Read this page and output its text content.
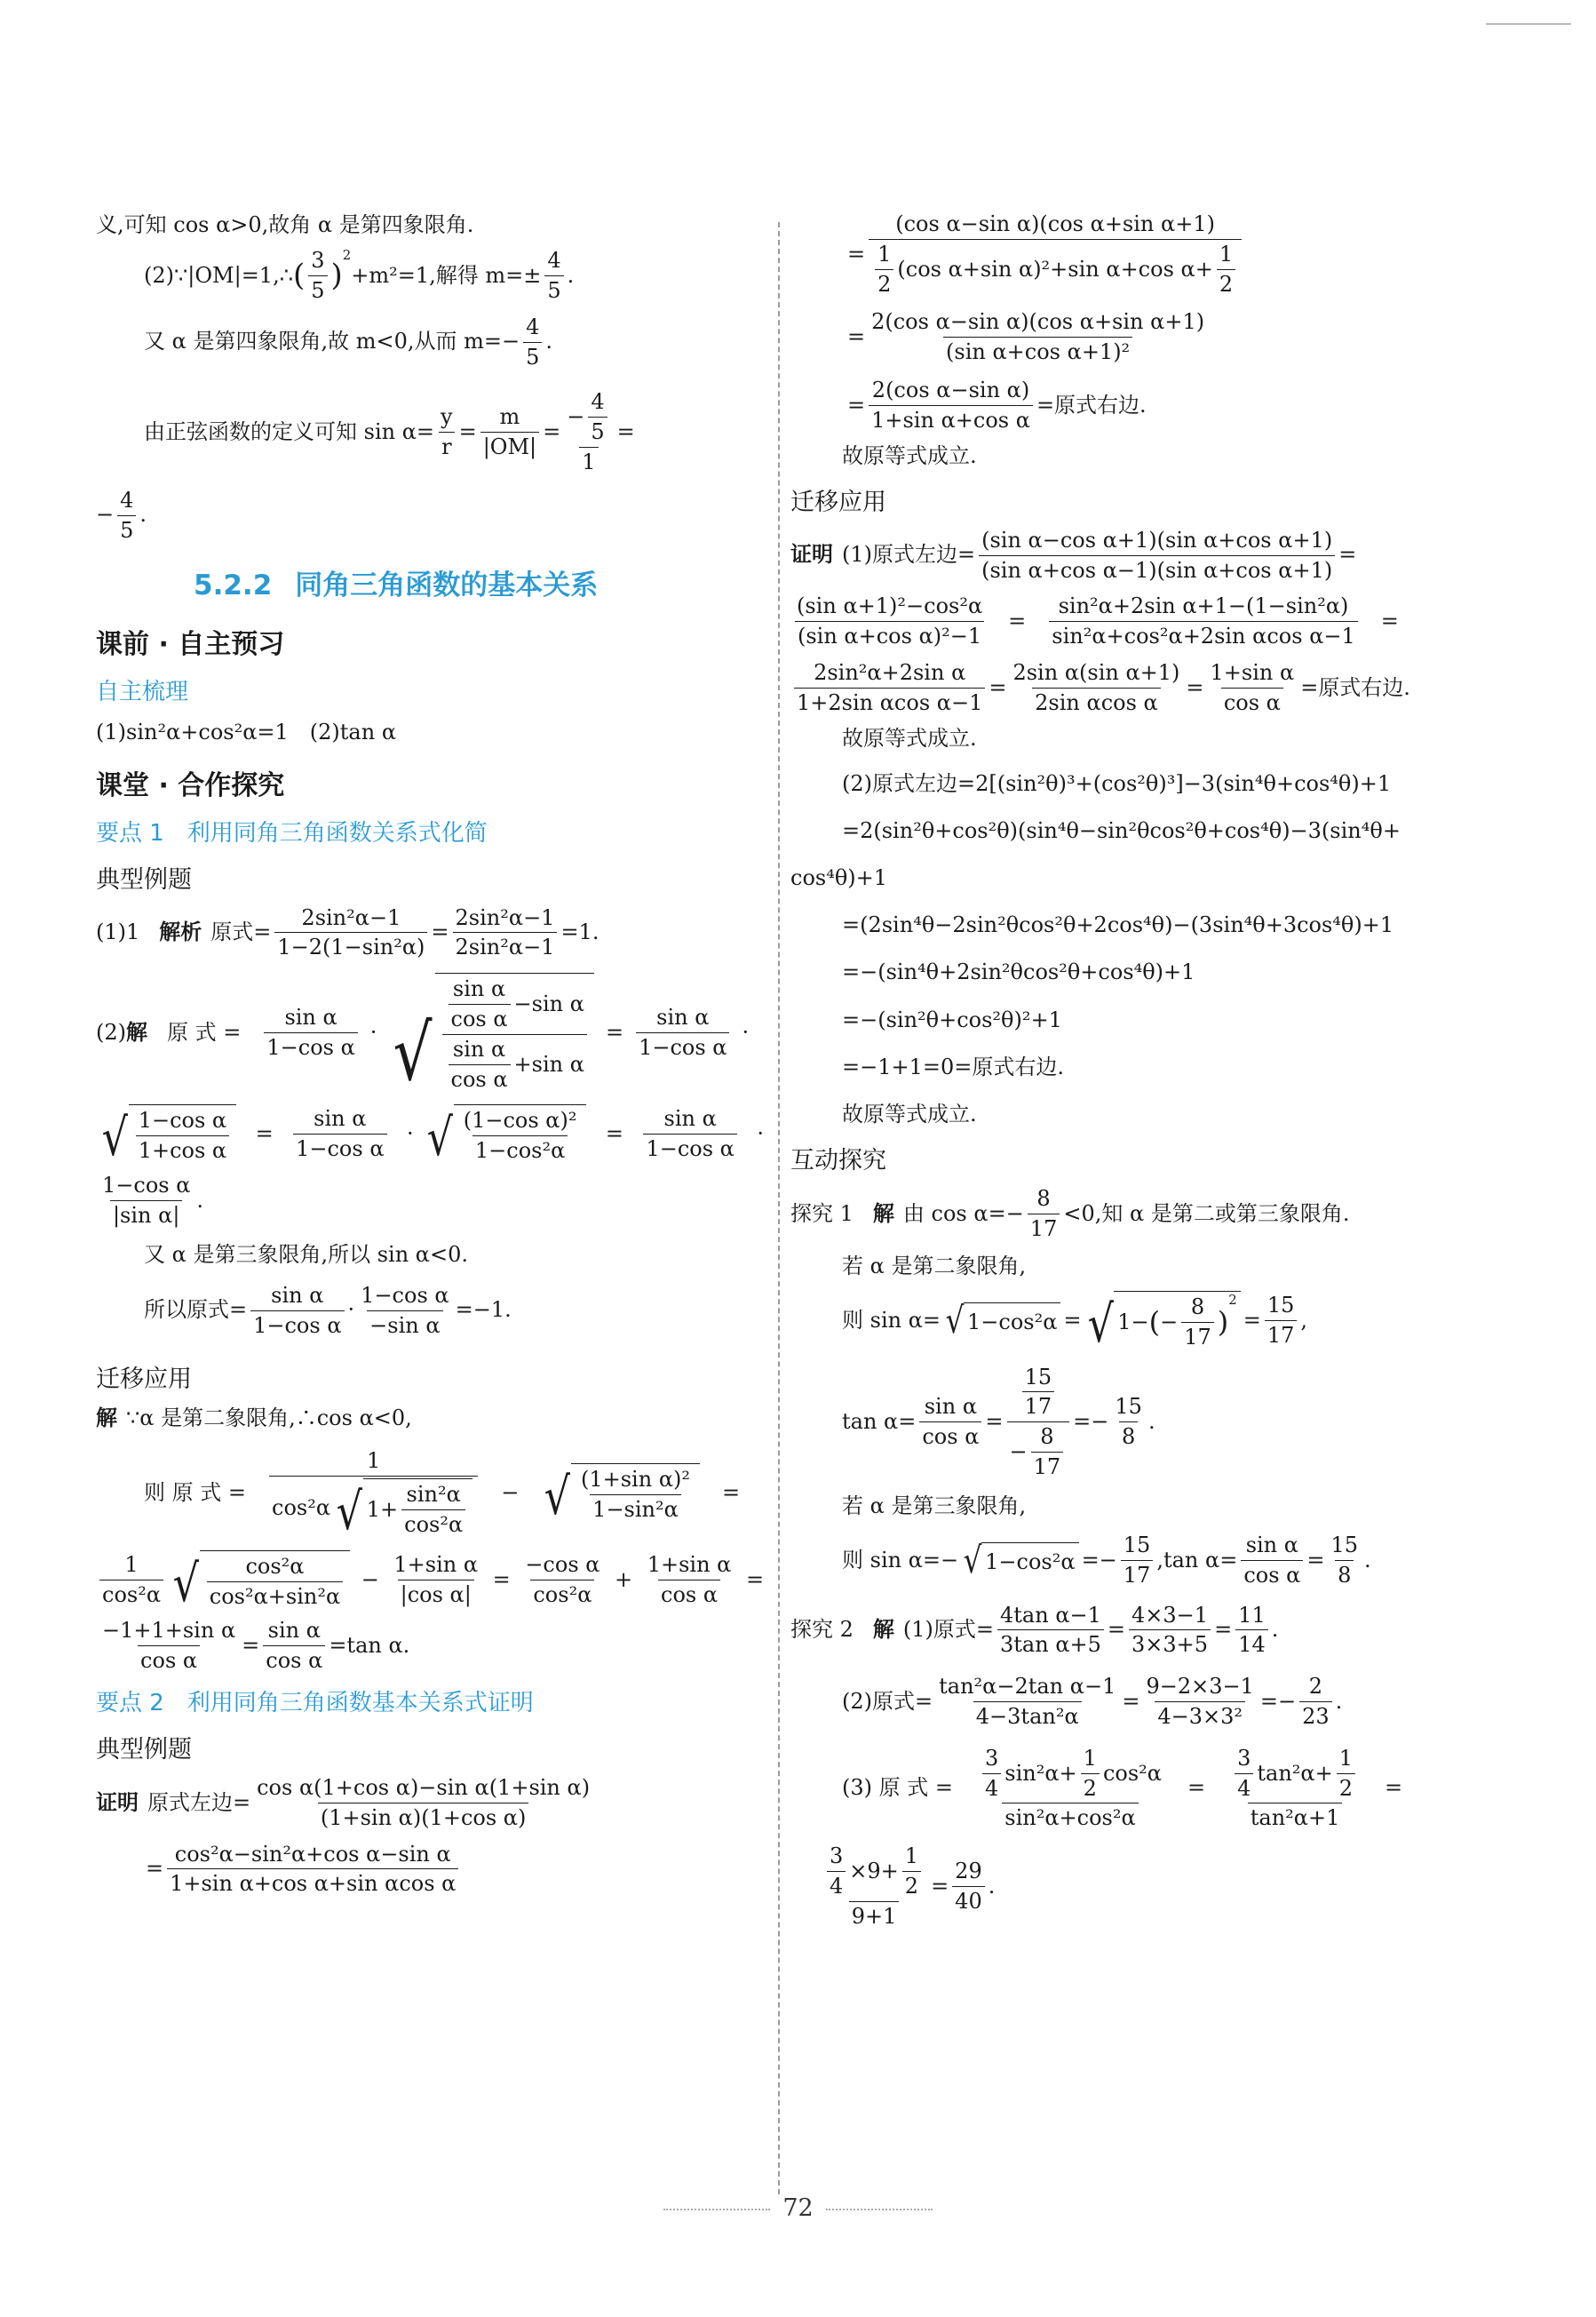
义,可知 cos α>0,故角 α 是第四象限角.
(2)∵|OM|=1,∴ ( $\frac{3}{5}$ )
2
+m²=1,解得 $m=\pm \frac{4}{5}$ .
又 α 是第四象限角,故 m<0,从而 $m=- \frac{4}{5}$ .
由正弦函数的定义可知 $\sin \alpha= \frac{y}{r} = \frac{m}{|OM|} = \frac{- \frac{4}{5}}{1}$ =
− $\frac{4}{5}$ .
5.2.2 同角三角函数的基本关系
课前 · 自主预习
自主梳理
(1)sin²α+cos²α=1　(2)tan α
课堂 · 合作探究
要点 1　利用同角三角函数关系式化简
典型例题
(1)1 解析 原式= $\frac{\text{2sin²α−1}}{\text{1−2(1−sin²α)}} = \frac{\text{2sin²α−1}}{\text{2sin²α−1}} =1$.
(2) 解 原 式 = $\frac{\text{sin α}}{\text{1−cos α}}$ · √ $\frac{\frac{\text{sin α}}{\text{cos α}} -\sin \alpha}{\frac{\text{sin α}}{\text{cos α}} +\sin \alpha} = \frac{\text{sin α}}{\text{1−cos α}}$ ·
√ $\frac{\text{1−cos α}}{\text{1+cos α}} = \frac{\text{sin α}}{\text{1−cos α}}$ · √ $\frac{\text{(1−cos α)²}}{\text{1−cos²α}} = \frac{\text{sin α}}{\text{1−cos α}}$ ·
$\frac{\text{1−cos α}}{\text{|sin α|}}$ .
又 α 是第三象限角,所以 sin α<0.
所以原式= $\frac{\text{sin α}}{\text{1−cos α}} \cdot \frac{\text{1−cos α}}{\text{−sin α}} =-1$.
迁移应用
解 ∵α 是第二象限角,∴cos α<0,
则 原 式 = $\frac{1}{\cos^2\alpha √ 1+ \frac{\text{sin²α}}{\text{cos²α}}}$ − √ $\frac{\text{(1+sin α)²}}{\text{1−sin²α}}$ =
$\frac{1}{\text{cos²α}}$ √ $\frac{\text{cos²α}}{\text{cos²α+sin²α}} - \frac{\text{1+sin α}}{\text{|cos α|}} = \frac{\text{−cos α}}{\text{cos²α}} + \frac{\text{1+sin α}}{\text{cos α}}$ =
$\frac{\text{−1+1+sin α}}{\text{cos α}} = \frac{\text{sin α}}{\text{cos α}} =\tan$ α.
要点 2　利用同角三角函数基本关系式证明
典型例题
证明 原式左边= $\frac{\text{cos α(1+cos α)−sin α(1+sin α)}}{\text{(1+sin α)(1+cos α)}}$
= $\frac{\text{cos²α−sin²α+cos α−sin α}}{\text{1+sin α+cos α+sin αcos α}}$
= $\frac{\text{(cos α−sin α)(cos α+sin α+1)}}{\frac{1}{2} (\cos \alpha+\sin \alpha)^2+\sin \alpha+\cos \alpha+ \frac{1}{2}}$
= $\frac{\text{2(cos α−sin α)(cos α+sin α+1)}}{\text{(sin α+cos α+1)²}}$
= $\frac{\text{2(cos α−sin α)}}{\text{1+sin α+cos α}}$ =原式右边.
故原等式成立.
迁移应用
证明 (1)原式左边= $\frac{\text{(sin α−cos α+1)(sin α+cos α+1)}}{\text{(sin α+cos α−1)(sin α+cos α+1)}}$ =
$\frac{\text{(sin α+1)²−cos²α}}{\text{(sin α+cos α)²−1}} = \frac{\text{sin²α+2sin α+1−(1−sin²α)}}{\text{sin²α+cos²α+2sin αcos α−1}}$ =
$\frac{\text{2sin²α+2sin α}}{\text{1+2sin αcos α−1}} = \frac{\text{2sin α(sin α+1)}}{\text{2sin αcos α}} = \frac{\text{1+sin α}}{\text{cos α}}$ =原式右边.
故原等式成立.
(2)原式左边=2[(sin²θ)³+(cos²θ)³]−3(sin⁴θ+cos⁴θ)+1
=2(sin²θ+cos²θ)(sin⁴θ−sin²θcos²θ+cos⁴θ)−3(sin⁴θ+
cos⁴θ)+1
=(2sin⁴θ−2sin²θcos²θ+2cos⁴θ)−(3sin⁴θ+3cos⁴θ)+1
=−(sin⁴θ+2sin²θcos²θ+cos⁴θ)+1
=−(sin²θ+cos²θ)²+1
=−1+1=0=原式右边.
故原等式成立.
互动探究
探究 1 解 由 $\cos \alpha=- \frac{8}{17} <0$,知 α 是第二或第三象限角.
若 α 是第二象限角,
则 sin α= √ 1−cos²α = √ 1− ( − $\frac{8}{17}$ )
2
= $\frac{15}{17}$ ,
$\tan \alpha= \frac{\text{sin α}}{\text{cos α}} = \frac{\frac{15}{17}}{- \frac{8}{17}} =- \frac{15}{8}$ .
若 α 是第三象限角,
则 sin α=− √ $1-\cos^2\alpha =- \frac{15}{17} ,\tan$ $\alpha= \frac{\text{sin α}}{\text{cos α}} = \frac{15}{8}$ .
探究 2 解 (1)原式= $\frac{\text{4tan α−1}}{\text{3tan α+5}} = \frac{4\times 3-1}{3\times 3+5} = \frac{11}{14}$ .
(2)原式= $\frac{\text{tan²α−2tan α−1}}{\text{4−3tan²α}} = \frac{9-2\times 3-1}{\text{4−3×3²}} =- \frac{2}{23}$ .
(3) 原 式 = $\frac{\frac{3}{4} \sin^2\alpha+ \frac{1}{2} \cos^2\alpha}{\text{sin²α+cos²α}} = \frac{\frac{3}{4} \tan^2\alpha+ \frac{1}{2}}{\text{tan²α+1}}$ =
$\frac{\frac{3}{4} \times 9+ \frac{1}{2}}{9+1} = \frac{29}{40}$ .
72
